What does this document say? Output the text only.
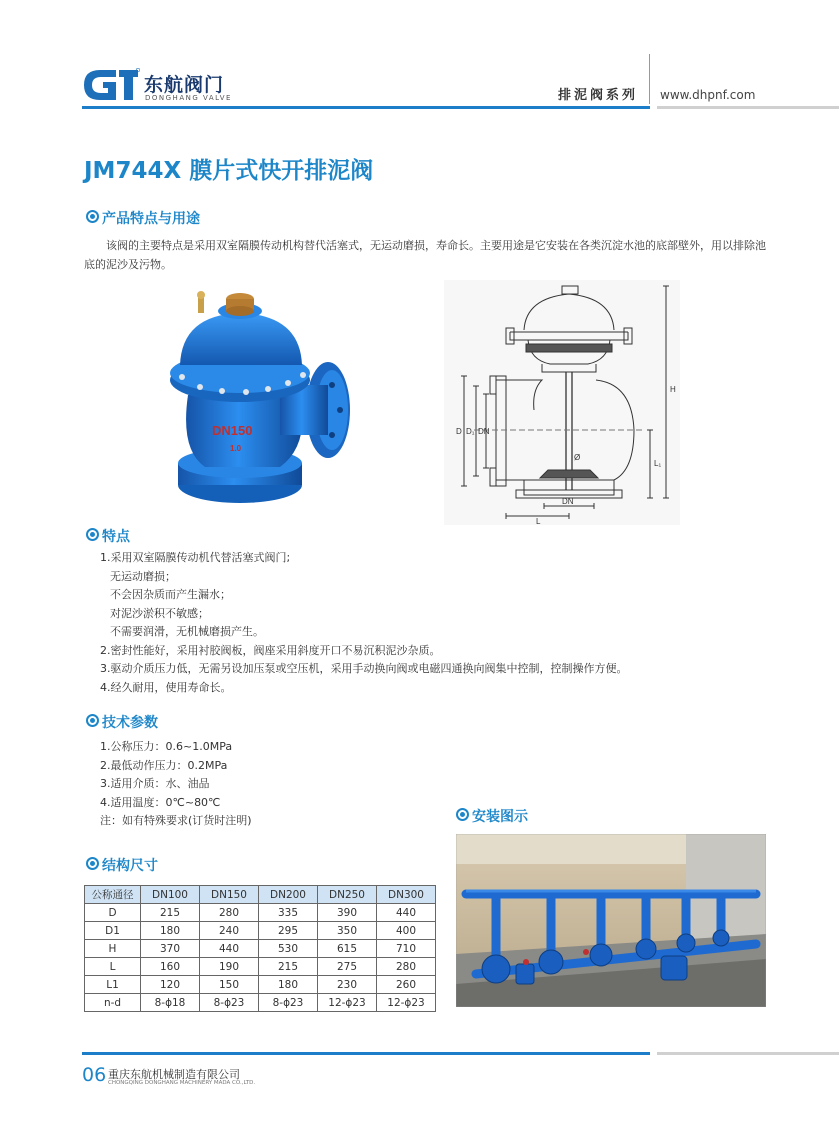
东航阀门
DONGHANG VALVE	排泥阀系列 www.dhpnf.com
JM744X 膜片式快开排泥阀
产品特点与用途
该阀的主要特点是采用双室隔膜传动机构替代活塞式，无运动磨损，寿命长。主要用途是它安装在各类沉淀水池的底部壁外，用以排除池底的泥沙及污物。
DN150
1.0
H
D D₁ DN
L₁
L
DN
Ø
特点
1.采用双室隔膜传动机代替活塞式阀门;
无运动磨损；
不会因杂质而产生漏水；
对泥沙淤积不敏感；
不需要润滑，无机械磨损产生。
2.密封性能好，采用衬胶阀板，阀座采用斜度开口不易沉积泥沙杂质。
3.驱动介质压力低，无需另设加压泵或空压机，采用手动换向阀或电磁四通换向阀集中控制，控制操作方便。
4.经久耐用，使用寿命长。
技术参数
1.公称压力：0.6~1.0MPa
2.最低动作压力：0.2MPa
3.适用介质：水、油品
4.适用温度：0℃~80℃
注：如有特殊要求(订货时注明)
结构尺寸
公称通径	DN100	DN150	DN200	DN250	DN300
D	215	280	335	390	440
D1	180	240	295	350	400
H	370	440	530	615	710
L	160	190	215	275	280
L1	120	150	180	230	260
n-d	8-ϕ18	8-ϕ23	8-ϕ23	12-ϕ23	12-ϕ23
安装图示
06 重庆东航机械制造有限公司
CHONGQING DONGHANG MACHINERY MADA CO.,LTD.
